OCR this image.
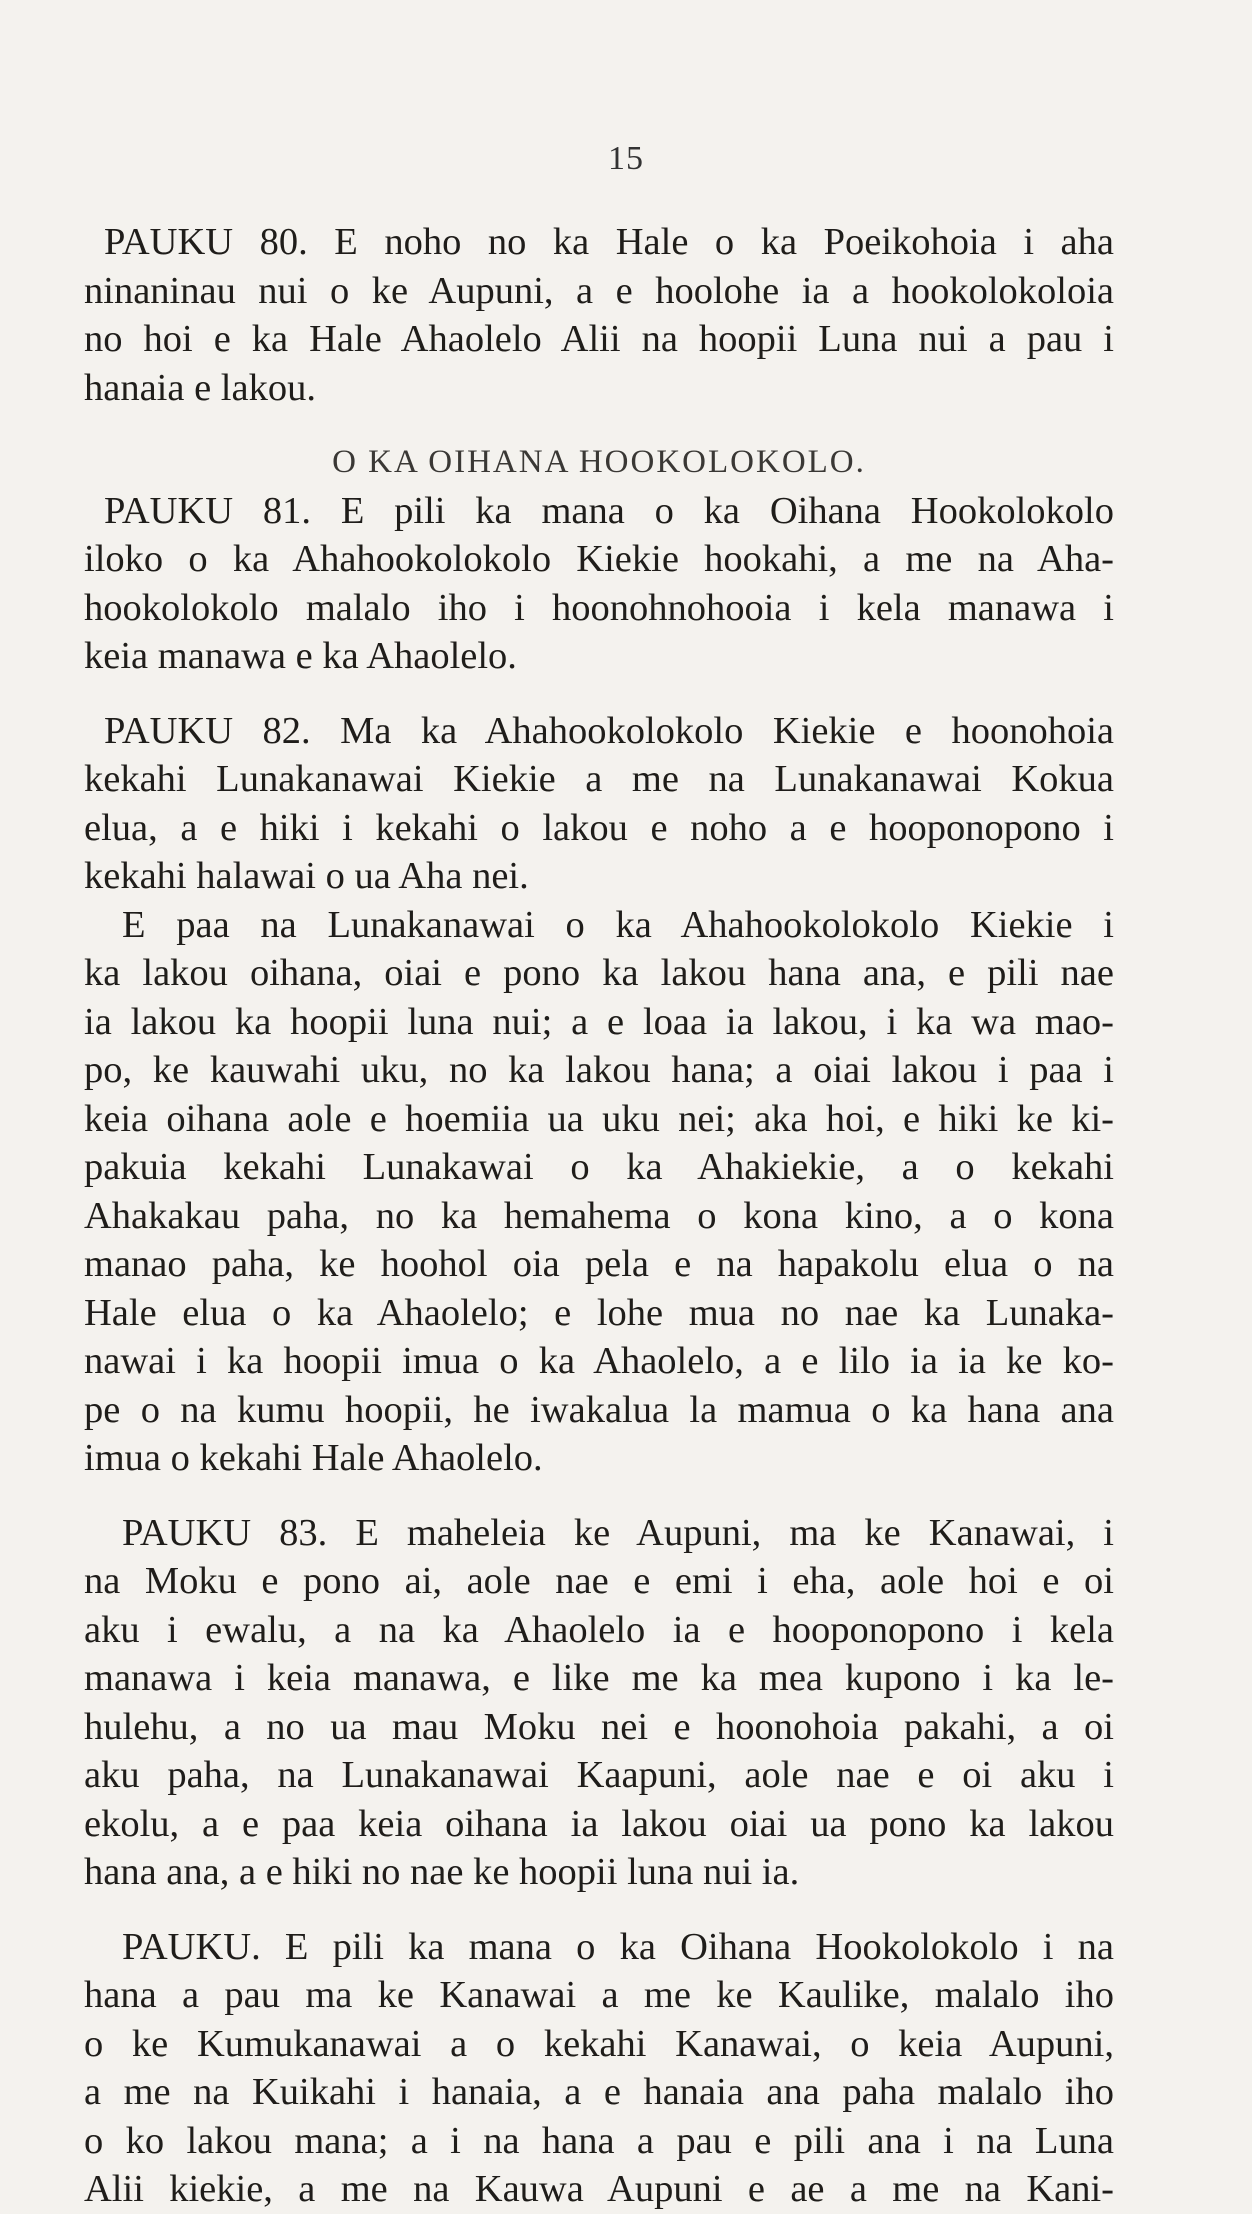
15
PAUKU 80. E noho no ka Hale o ka Poeikohoia i aha
ninaninau nui o ke Aupuni, a e hoolohe ia a hookolokoloia
no hoi e ka Hale Ahaolelo Alii na hoopii Luna nui a pau i
hanaia e lakou.
O KA OIHANA HOOKOLOKOLO.
PAUKU 81. E pili ka mana o ka Oihana Hookolokolo
iloko o ka Ahahookolokolo Kiekie hookahi, a me na Aha-
hookolokolo malalo iho i hoonohnohooia i kela manawa i
keia manawa e ka Ahaolelo.
PAUKU 82. Ma ka Ahahookolokolo Kiekie e hoonohoia
kekahi Lunakanawai Kiekie a me na Lunakanawai Kokua
elua, a e hiki i kekahi o lakou e noho a e hooponopono i
kekahi halawai o ua Aha nei.
E paa na Lunakanawai o ka Ahahookolokolo Kiekie i
ka lakou oihana, oiai e pono ka lakou hana ana, e pili nae
ia lakou ka hoopii luna nui; a e loaa ia lakou, i ka wa mao-
po, ke kauwahi uku, no ka lakou hana; a oiai lakou i paa i
keia oihana aole e hoemiia ua uku nei; aka hoi, e hiki ke ki-
pakuia kekahi Lunakawai o ka Ahakiekie, a o kekahi
Ahakakau paha, no ka hemahema o kona kino, a o kona
manao paha, ke hoohol oia pela e na hapakolu elua o na
Hale elua o ka Ahaolelo; e lohe mua no nae ka Lunaka-
nawai i ka hoopii imua o ka Ahaolelo, a e lilo ia ia ke ko-
pe o na kumu hoopii, he iwakalua la mamua o ka hana ana
imua o kekahi Hale Ahaolelo.
PAUKU 83. E maheleia ke Aupuni, ma ke Kanawai, i
na Moku e pono ai, aole nae e emi i eha, aole hoi e oi
aku i ewalu, a na ka Ahaolelo ia e hooponopono i kela
manawa i keia manawa, e like me ka mea kupono i ka le-
hulehu, a no ua mau Moku nei e hoonohoia pakahi, a oi
aku paha, na Lunakanawai Kaapuni, aole nae e oi aku i
ekolu, a e paa keia oihana ia lakou oiai ua pono ka lakou
hana ana, a e hiki no nae ke hoopii luna nui ia.
PAUKU. E pili ka mana o ka Oihana Hookolokolo i na
hana a pau ma ke Kanawai a me ke Kaulike, malalo iho
o ke Kumukanawai a o kekahi Kanawai, o keia Aupuni,
a me na Kuikahi i hanaia, a e hanaia ana paha malalo iho
o ko lakou mana; a i na hana a pau e pili ana i na Luna
Alii kiekie, a me na Kauwa Aupuni e ae a me na Kani-
